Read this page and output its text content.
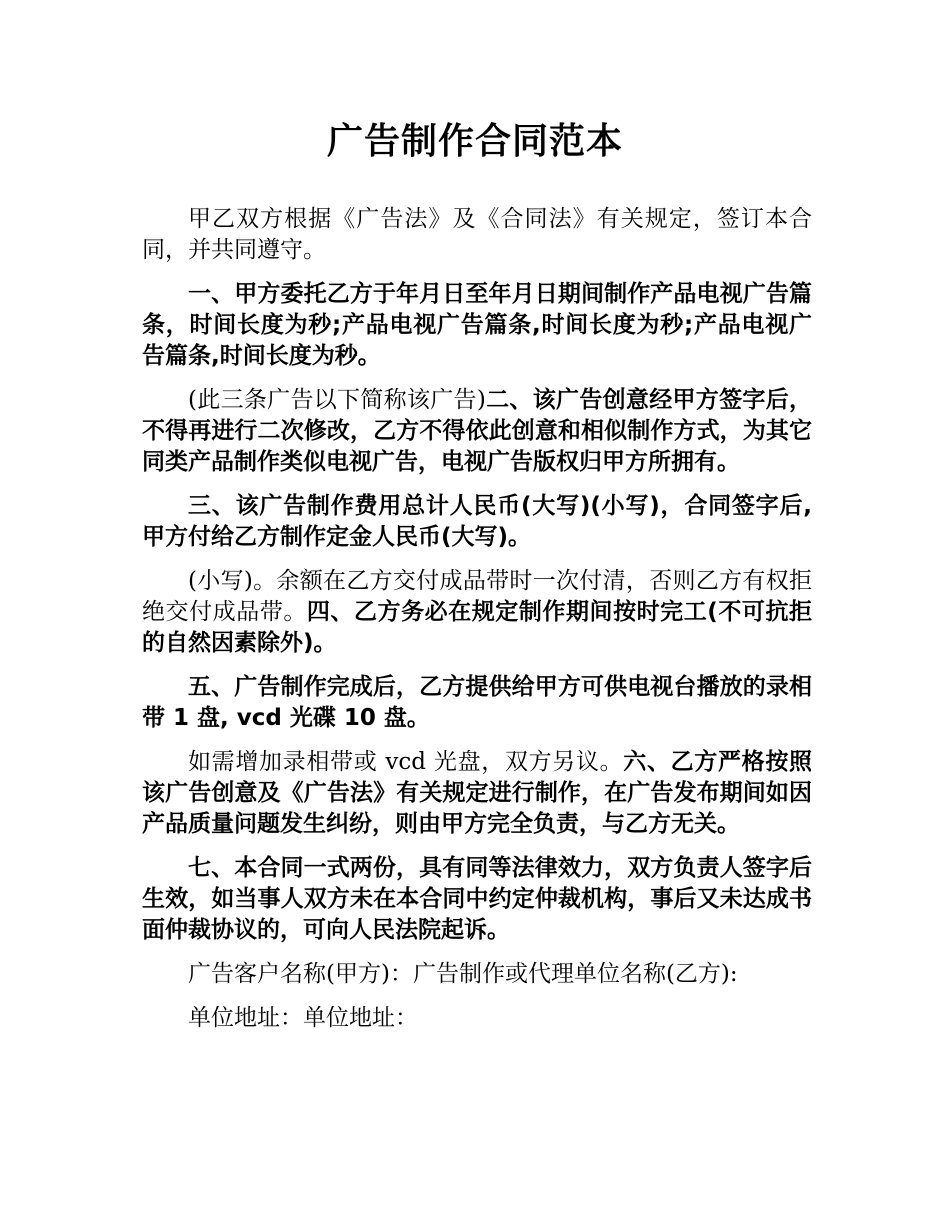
广告制作合同范本

甲乙双方根据《广告法》及《合同法》有关规定，签订本合同，并共同遵守。

一、甲方委托乙方于年月日至年月日期间制作产品电视广告篇条，时间长度为秒;产品电视广告篇条,时间长度为秒;产品电视广告篇条,时间长度为秒。

(此三条广告以下简称该广告)二、该广告创意经甲方签字后，不得再进行二次修改，乙方不得依此创意和相似制作方式，为其它同类产品制作类似电视广告，电视广告版权归甲方所拥有。

三、该广告制作费用总计人民币(大写)(小写)，合同签字后,甲方付给乙方制作定金人民币(大写)。

(小写)。余额在乙方交付成品带时一次付清，否则乙方有权拒绝交付成品带。四、乙方务必在规定制作期间按时完工(不可抗拒的自然因素除外)。

五、广告制作完成后，乙方提供给甲方可供电视台播放的录相带 1 盘, vcd 光碟 10 盘。

如需增加录相带或 vcd 光盘，双方另议。六、乙方严格按照该广告创意及《广告法》有关规定进行制作，在广告发布期间如因产品质量问题发生纠纷，则由甲方完全负责，与乙方无关。

七、本合同一式两份，具有同等法律效力，双方负责人签字后生效，如当事人双方未在本合同中约定仲裁机构，事后又未达成书面仲裁协议的，可向人民法院起诉。

广告客户名称(甲方)：广告制作或代理单位名称(乙方):

单位地址：单位地址：
